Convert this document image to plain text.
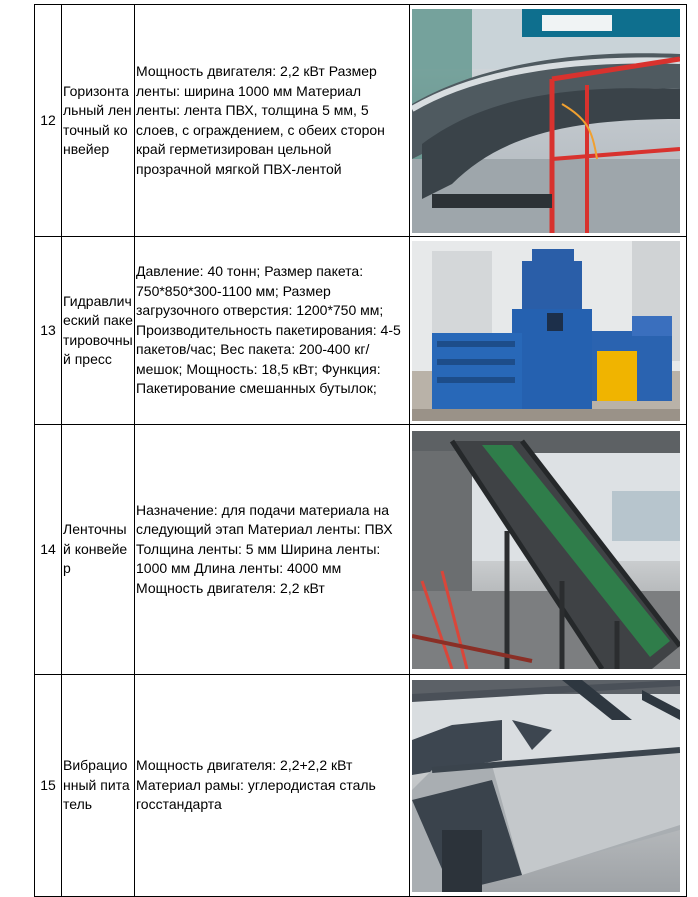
12	Горизонтальный ленточный конвейер	Мощность двигателя: 2,2 кВт Размер ленты: ширина 1000 мм Материал ленты: лента ПВХ, толщина 5 мм, 5 слоев, с ограждением, с обеих сторон край герметизирован цельной прозрачной мягкой ПВХ-лентой	

13	Гидравлический пакетировочный пресс	Давление: 40 тонн; Размер пакета: 750*850*300-1100 мм; Размер загрузочного отверстия: 1200*750 мм; Производительность пакетирования: 4-5 пакетов/час; Вес пакета: 200-400 кг/мешок; Мощность: 18,5 кВт; Функция: Пакетирование смешанных бутылок;	

14	Ленточный конвейер	Назначение: для подачи материала на следующий этап Материал ленты: ПВХ Толщина ленты: 5 мм Ширина ленты: 1000 мм Длина ленты: 4000 мм Мощность двигателя: 2,2 кВт	

15	Вибрационный питатель	Мощность двигателя: 2,2+2,2 кВт Материал рамы: углеродистая сталь госстандарта	
